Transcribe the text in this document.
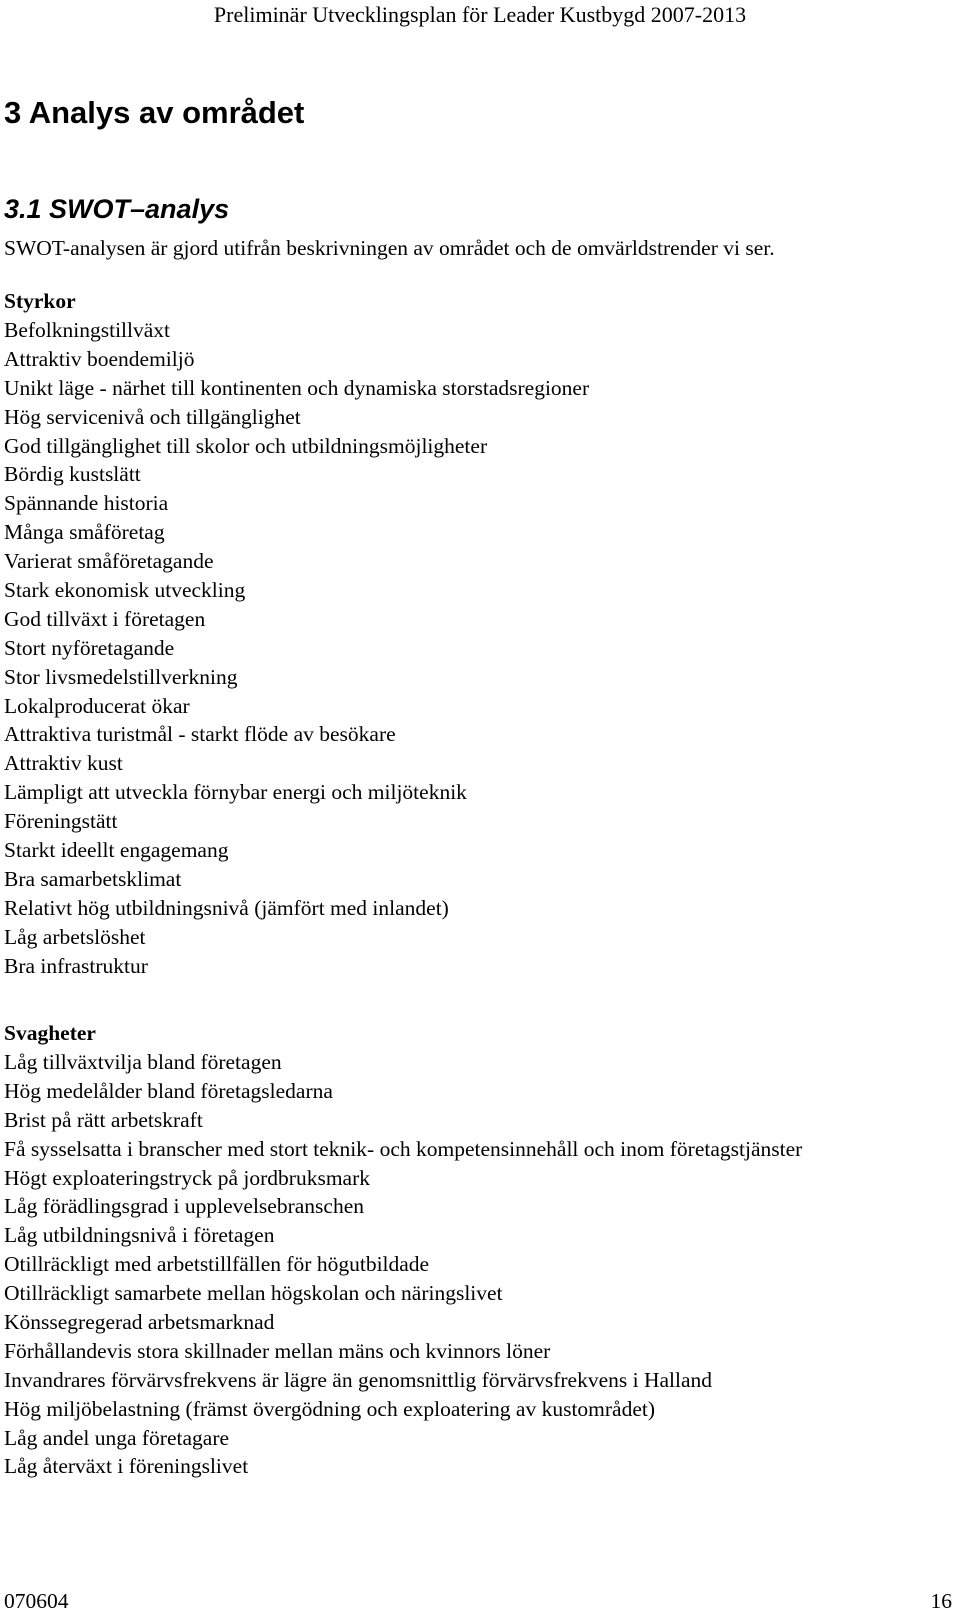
Preliminär Utvecklingsplan för Leader Kustbygd 2007-2013
3 Analys av området
3.1 SWOT–analys
SWOT-analysen är gjord utifrån beskrivningen av området och de omvärldstrender vi ser.
Styrkor
Befolkningstillväxt
Attraktiv boendemiljö
Unikt läge - närhet till kontinenten och dynamiska storstadsregioner
Hög servicenivå och tillgänglighet
God tillgänglighet till skolor och utbildningsmöjligheter
Bördig kustslätt
Spännande historia
Många småföretag
Varierat småföretagande
Stark ekonomisk utveckling
God tillväxt i företagen
Stort nyföretagande
Stor livsmedelstillverkning
Lokalproducerat ökar
Attraktiva turistmål - starkt flöde av besökare
Attraktiv kust
Lämpligt att utveckla förnybar energi och miljöteknik
Föreningstätt
Starkt ideellt engagemang
Bra samarbetsklimat
Relativt hög utbildningsnivå (jämfört med inlandet)
Låg arbetslöshet
Bra infrastruktur
Svagheter
Låg tillväxtvilja bland företagen
Hög medelålder bland företagsledarna
Brist på rätt arbetskraft
Få sysselsatta i branscher med stort teknik- och kompetensinnehåll och inom företagstjänster
Högt exploateringstryck på jordbruksmark
Låg förädlingsgrad i upplevelsebranschen
Låg utbildningsnivå i företagen
Otillräckligt med arbetstillfällen för högutbildade
Otillräckligt samarbete mellan högskolan och näringslivet
Könssegregerad arbetsmarknad
Förhållandevis stora skillnader mellan mäns och kvinnors löner
Invandrares förvärvsfrekvens är lägre än genomsnittlig förvärvsfrekvens i Halland
Hög miljöbelastning (främst övergödning och exploatering av kustområdet)
Låg andel unga företagare
Låg återväxt i föreningslivet
070604	16
